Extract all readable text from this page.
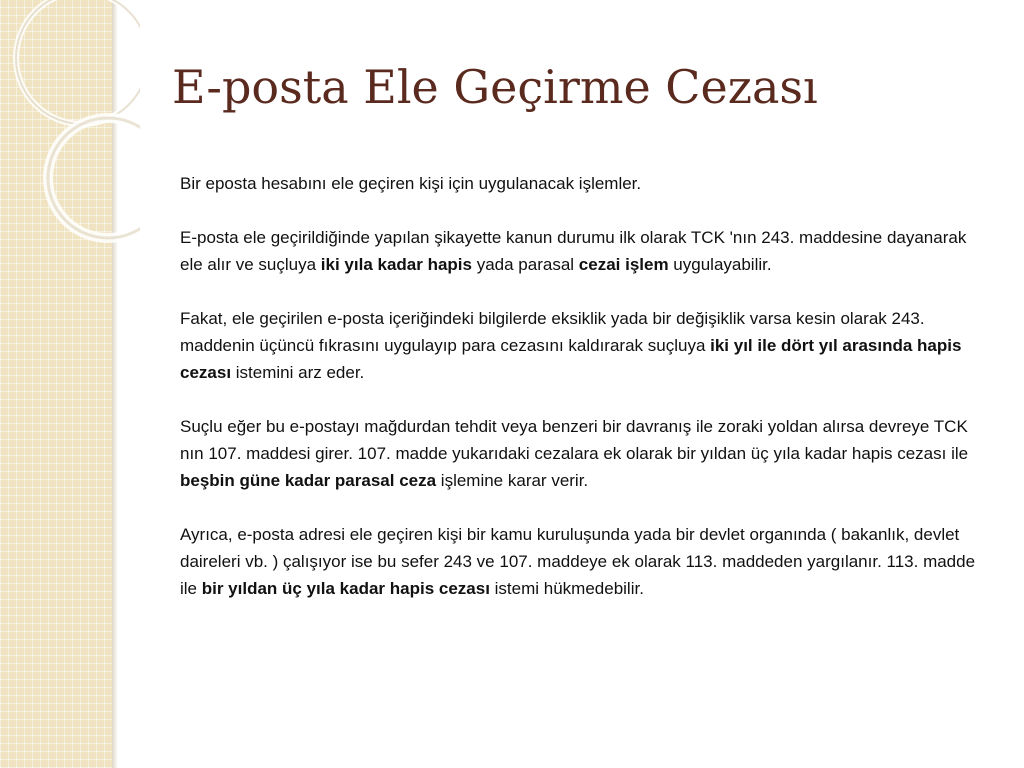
E-posta Ele Geçirme Cezası

Bir eposta hesabını ele geçiren kişi için uygulanacak işlemler.

E-posta ele geçirildiğinde yapılan şikayette kanun durumu ilk olarak TCK 'nın 243. maddesine dayanarak ele alır ve suçluya iki yıla kadar hapis yada parasal cezai işlem uygulayabilir.

Fakat, ele geçirilen e-posta içeriğindeki bilgilerde eksiklik yada bir değişiklik varsa kesin olarak 243. maddenin üçüncü fıkrasını uygulayıp para cezasını kaldırarak suçluya iki yıl ile dört yıl arasında hapis cezası istemini arz eder.

Suçlu eğer bu e-postayı mağdurdan tehdit veya benzeri bir davranış ile zoraki yoldan alırsa devreye TCK nın 107. maddesi girer. 107. madde yukarıdaki cezalara ek olarak bir yıldan üç yıla kadar hapis cezası ile beşbin güne kadar parasal ceza işlemine karar verir.

Ayrıca, e-posta adresi ele geçiren kişi bir kamu kuruluşunda yada bir devlet organında ( bakanlık, devlet daireleri vb. ) çalışıyor ise bu sefer 243 ve 107. maddeye ek olarak 113. maddeden yargılanır. 113. madde ile bir yıldan üç yıla kadar hapis cezası istemi hükmedebilir.
